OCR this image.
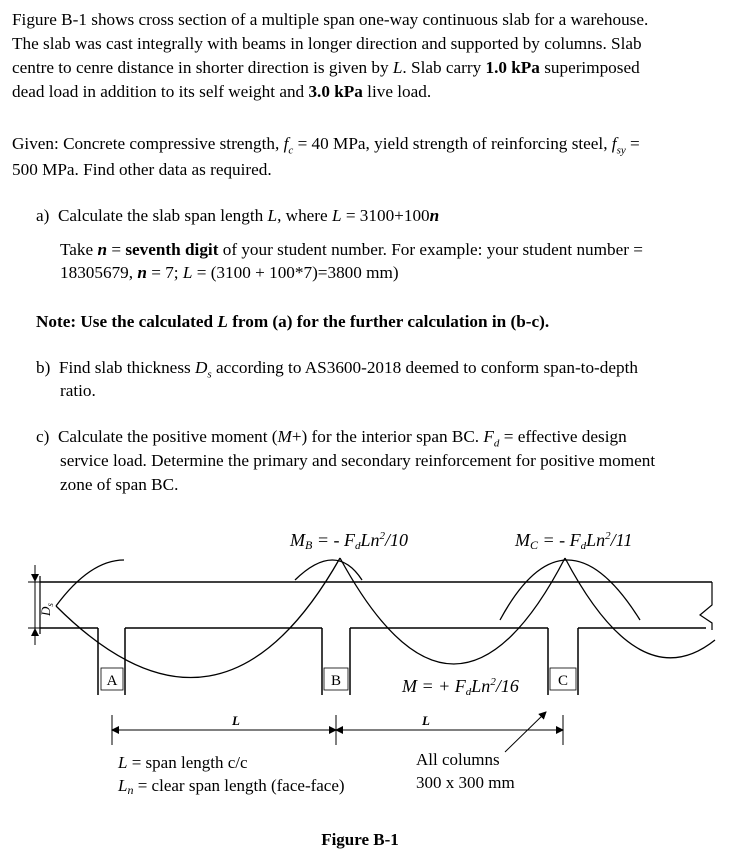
Figure B-1 shows cross section of a multiple span one-way continuous slab for a warehouse.

The slab was cast integrally with beams in longer direction and supported by columns. Slab

centre to cenre distance in shorter direction is given by L. Slab carry 1.0 kPa superimposed

dead load in addition to its self weight and 3.0 kPa live load.

Given: Concrete compressive strength, $f_c = 40$ MPa, yield strength of reinforcing steel, $f_{sy}$ =

500 MPa. Find other data as required.

a) Calculate the slab span length L, where L = 3100+100n

Take n = seventh digit of your student number. For example: your student number =

18305679, n = 7; L = (3100 + 100*7)=3800 mm)

Note: Use the calculated L from (a) for the further calculation in (b-c).

b) Find slab thickness $D_s$ according to AS3600-2018 deemed to conform span-to-depth

ratio.

c) Calculate the positive moment (M+) for the interior span BC. $F_d$ = effective design

service load. Determine the primary and secondary reinforcement for positive moment

zone of span BC.

MB = - FdLn$^2$/10	MC = - FdLn$^2$/11
$D_s$
A	B	C
M = + FdLn$^2$/16
L	L
L = span length c/c
Ln = clear span length (face-face)
All columns
300 x 300 mm
Figure B-1
